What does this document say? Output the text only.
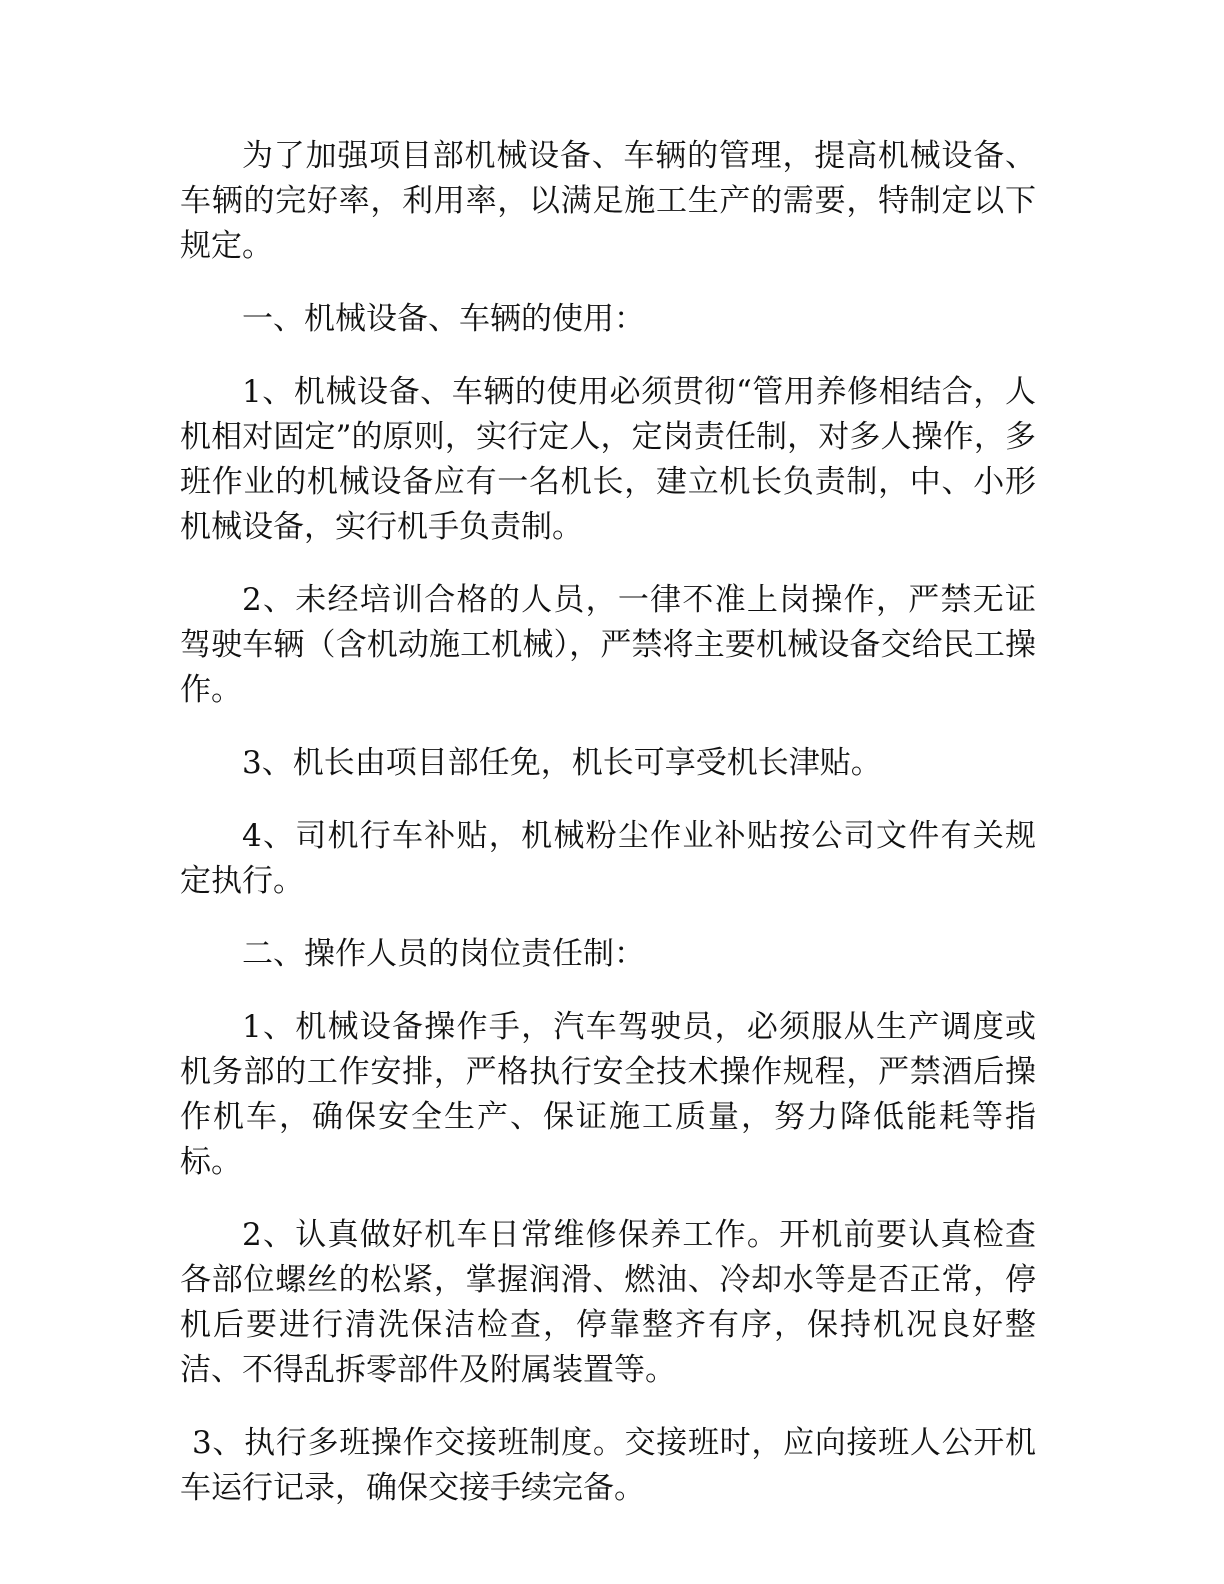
为了加强项目部机械设备、车辆的管理，提高机械设备、车辆的完好率，利用率，以满足施工生产的需要，特制定以下规定。

一、机械设备、车辆的使用：

1、机械设备、车辆的使用必须贯彻“管用养修相结合，人机相对固定”的原则，实行定人，定岗责任制，对多人操作，多班作业的机械设备应有一名机长，建立机长负责制，中、小形机械设备，实行机手负责制。

2、未经培训合格的人员，一律不准上岗操作，严禁无证驾驶车辆（含机动施工机械），严禁将主要机械设备交给民工操作。

3、机长由项目部任免，机长可享受机长津贴。

4、司机行车补贴，机械粉尘作业补贴按公司文件有关规定执行。

二、操作人员的岗位责任制：

1、机械设备操作手，汽车驾驶员，必须服从生产调度或机务部的工作安排，严格执行安全技术操作规程，严禁酒后操作机车，确保安全生产、保证施工质量，努力降低能耗等指标。

2、认真做好机车日常维修保养工作。开机前要认真检查各部位螺丝的松紧，掌握润滑、燃油、冷却水等是否正常，停机后要进行清洗保洁检查，停靠整齐有序，保持机况良好整洁、不得乱拆零部件及附属装置等。

3、执行多班操作交接班制度。交接班时，应向接班人公开机车运行记录，确保交接手续完备。
